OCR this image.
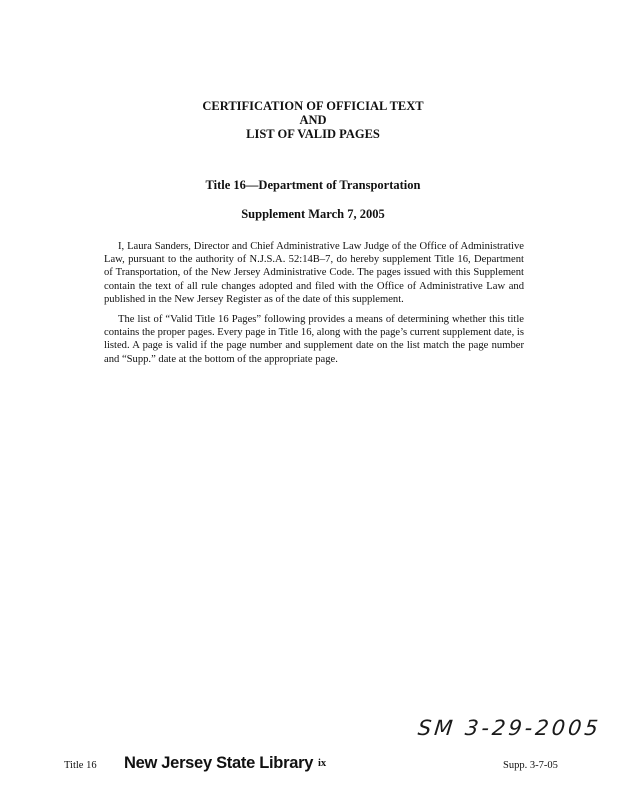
CERTIFICATION OF OFFICIAL TEXT
AND
LIST OF VALID PAGES
Title 16—Department of Transportation
Supplement March 7, 2005

I, Laura Sanders, Director and Chief Administrative Law Judge of the Office of Administrative Law, pursuant to the authority of N.J.S.A. 52:14B–7, do hereby supplement Title 16, Department of Transportation, of the New Jersey Administrative Code. The pages issued with this Supplement contain the text of all rule changes adopted and filed with the Office of Administrative Law and published in the New Jersey Register as of the date of this supplement.

The list of “Valid Title 16 Pages” following provides a means of determining whether this title contains the proper pages. Every page in Title 16, along with the page’s current supplement date, is listed. A page is valid if the page number and supplement date on the list match the page number and “Supp.” date at the bottom of the appropriate page.

SM 3-29-2005
Title 16 New Jersey State Library ix	Supp. 3-7-05
